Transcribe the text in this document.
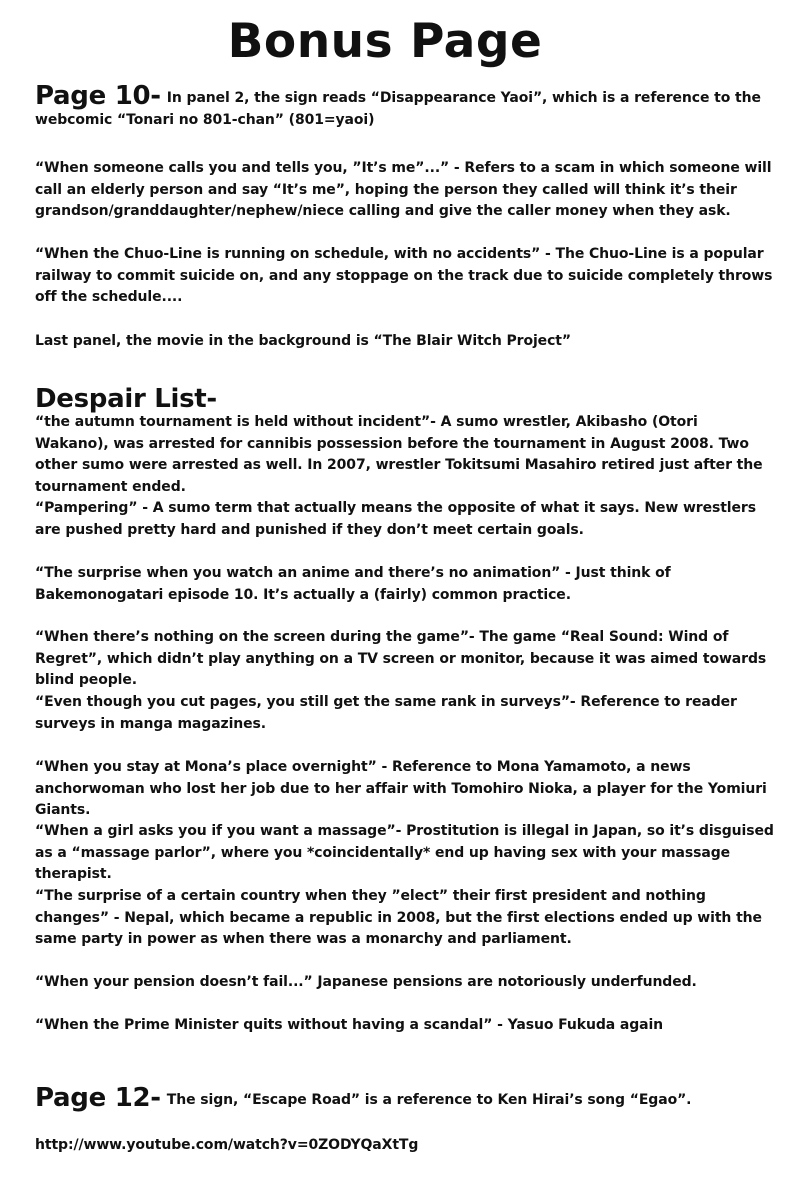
Bonus Page
Page 10- In panel 2, the sign reads “Disappearance Yaoi”, which is a reference to the webcomic “Tonari no 801-chan” (801=yaoi)

“When someone calls you and tells you, ”It’s me”...” - Refers to a scam in which someone will call an elderly person and say “It’s me”, hoping the person they called will think it’s their grandson/granddaughter/nephew/niece calling and give the caller money when they ask.

“When the Chuo-Line is running on schedule, with no accidents” - The Chuo-Line is a popular railway to commit suicide on, and any stoppage on the track due to suicide completely throws off the schedule....

Last panel, the movie in the background is “The Blair Witch Project”

Despair List-

“the autumn tournament is held without incident”- A sumo wrestler, Akibasho (Otori Wakano), was arrested for cannibis possession before the tournament in August 2008. Two other sumo were arrested as well. In 2007, wrestler Tokitsumi Masahiro retired just after the tournament ended.

“Pampering” - A sumo term that actually means the opposite of what it says. New wrestlers are pushed pretty hard and punished if they don’t meet certain goals.

“The surprise when you watch an anime and there’s no animation” - Just think of Bakemonogatari episode 10. It’s actually a (fairly) common practice.

“When there’s nothing on the screen during the game”- The game “Real Sound: Wind of Regret”, which didn’t play anything on a TV screen or monitor, because it was aimed towards blind people.

“Even though you cut pages, you still get the same rank in surveys”- Reference to reader surveys in manga magazines.

“When you stay at Mona’s place overnight” - Reference to Mona Yamamoto, a news anchorwoman who lost her job due to her affair with Tomohiro Nioka, a player for the Yomiuri Giants.

“When a girl asks you if you want a massage”- Prostitution is illegal in Japan, so it’s disguised as a “massage parlor”, where you *coincidentally* end up having sex with your massage therapist.

“The surprise of a certain country when they ”elect” their first president and nothing changes” - Nepal, which became a republic in 2008, but the first elections ended up with the same party in power as when there was a monarchy and parliament.

“When your pension doesn’t fail...” Japanese pensions are notoriously underfunded.

“When the Prime Minister quits without having a scandal” - Yasuo Fukuda again

Page 12- The sign, “Escape Road” is a reference to Ken Hirai’s song “Egao”.
http://www.youtube.com/watch?v=0ZODYQaXtTg
